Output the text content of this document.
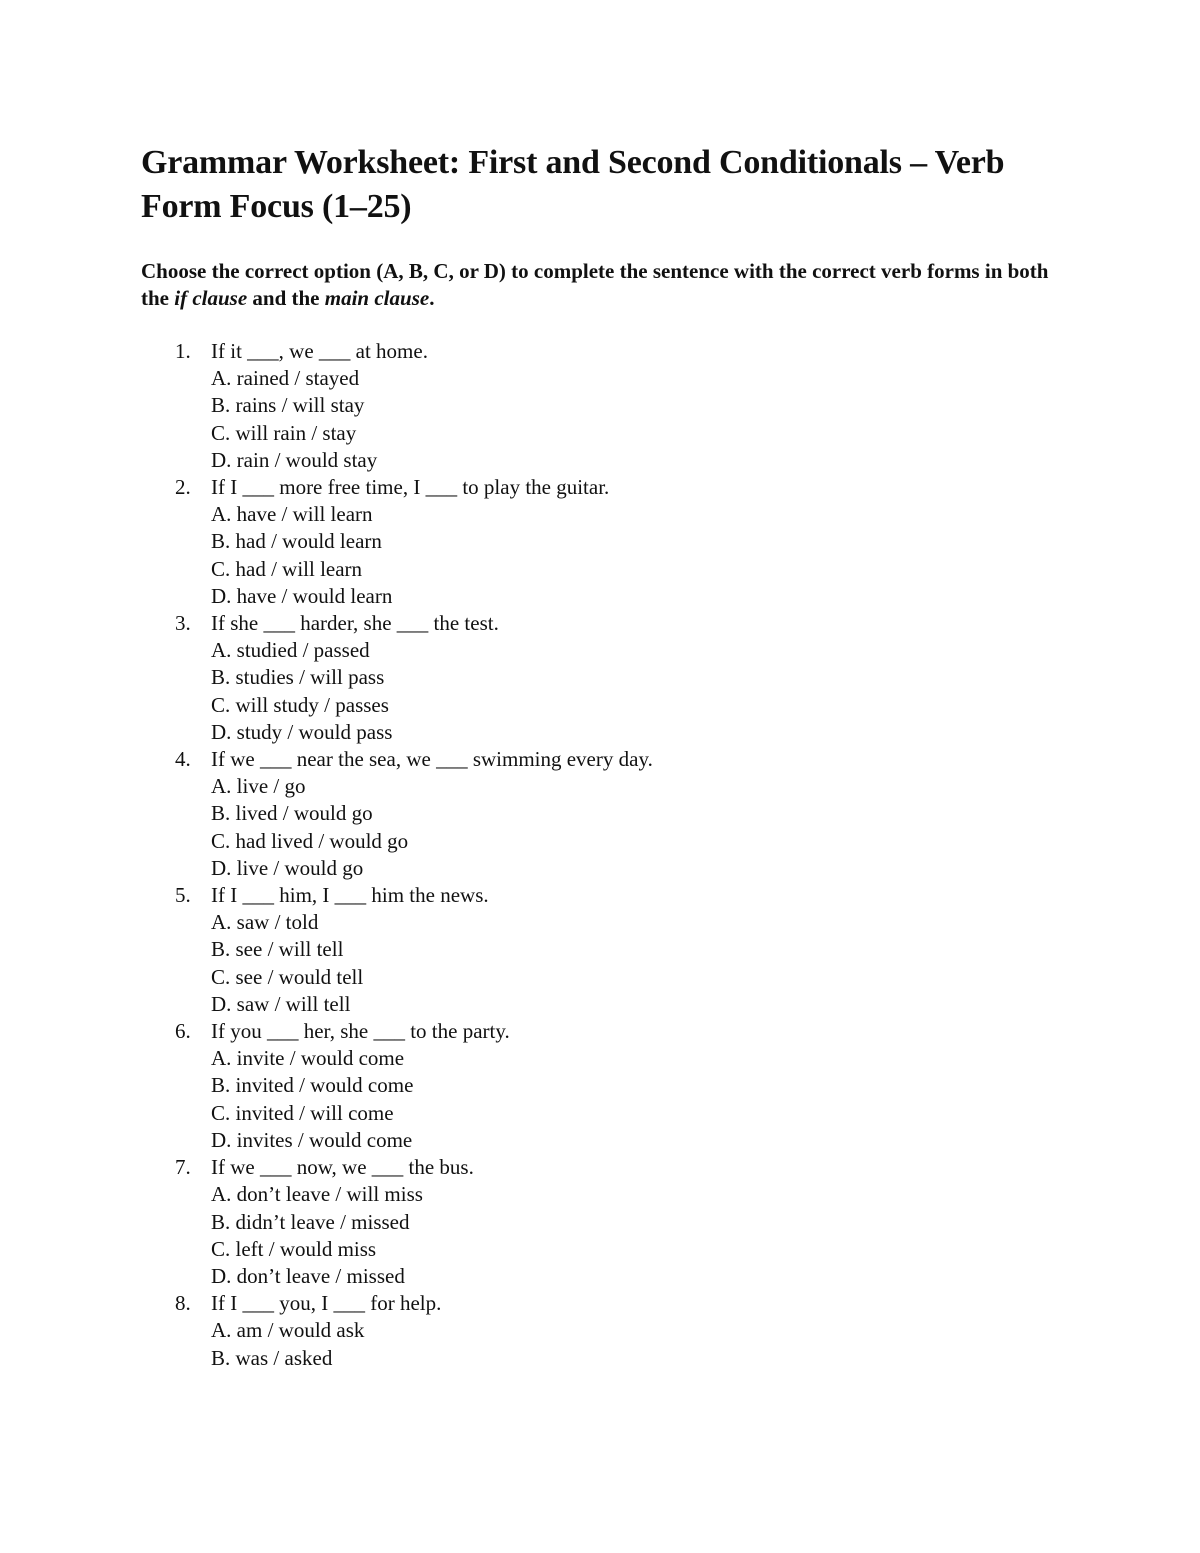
Grammar Worksheet: First and Second Conditionals – Verb Form Focus (1–25)

Choose the correct option (A, B, C, or D) to complete the sentence with the correct verb forms in both the if clause and the main clause.

1. If it ___, we ___ at home.
A. rained / stayed
B. rains / will stay
C. will rain / stay
D. rain / would stay
2. If I ___ more free time, I ___ to play the guitar.
A. have / will learn
B. had / would learn
C. had / will learn
D. have / would learn
3. If she ___ harder, she ___ the test.
A. studied / passed
B. studies / will pass
C. will study / passes
D. study / would pass
4. If we ___ near the sea, we ___ swimming every day.
A. live / go
B. lived / would go
C. had lived / would go
D. live / would go
5. If I ___ him, I ___ him the news.
A. saw / told
B. see / will tell
C. see / would tell
D. saw / will tell
6. If you ___ her, she ___ to the party.
A. invite / would come
B. invited / would come
C. invited / will come
D. invites / would come
7. If we ___ now, we ___ the bus.
A. don’t leave / will miss
B. didn’t leave / missed
C. left / would miss
D. don’t leave / missed
8. If I ___ you, I ___ for help.
A. am / would ask
B. was / asked
